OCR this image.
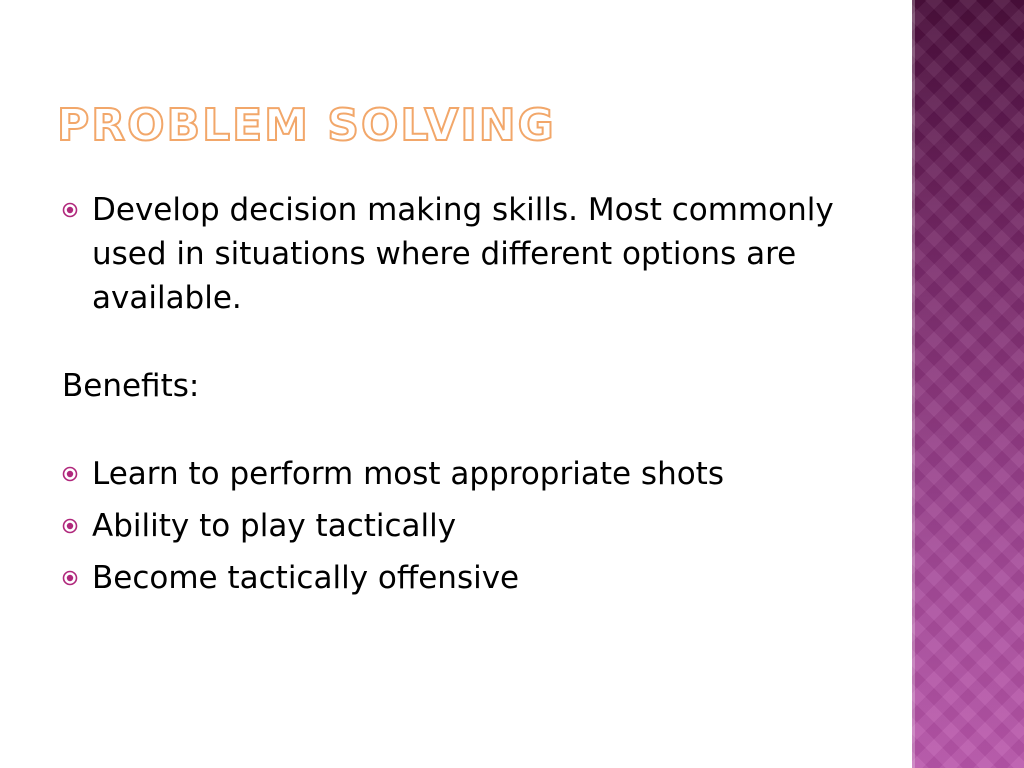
PROBLEM SOLVING
Develop decision making skills. Most commonly used in situations where different options are available.

Benefits:

Learn to perform most appropriate shots
Ability to play tactically
Become tactically offensive
